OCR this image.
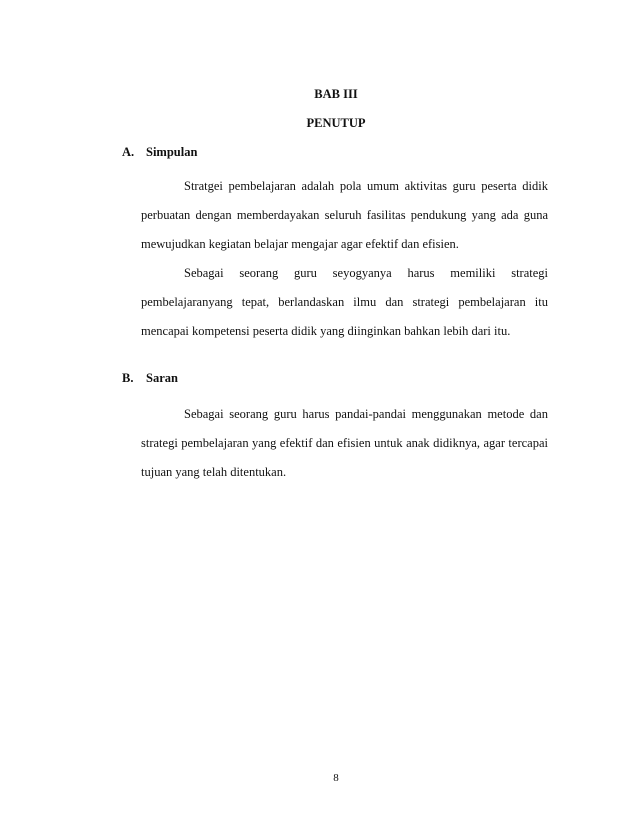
BAB III
PENUTUP
A. Simpulan

Stratgei pembelajaran adalah pola umum aktivitas guru peserta didik perbuatan dengan memberdayakan seluruh fasilitas pendukung yang ada guna mewujudkan kegiatan belajar mengajar agar efektif dan efisien.

Sebagai seorang guru seyogyanya harus memiliki strategi pembelajaranyang tepat, berlandaskan ilmu dan strategi pembelajaran itu mencapai kompetensi peserta didik yang diinginkan bahkan lebih dari itu.

B. Saran

Sebagai seorang guru harus pandai-pandai menggunakan metode dan strategi pembelajaran yang efektif dan efisien untuk anak didiknya, agar tercapai tujuan yang telah ditentukan.

8
